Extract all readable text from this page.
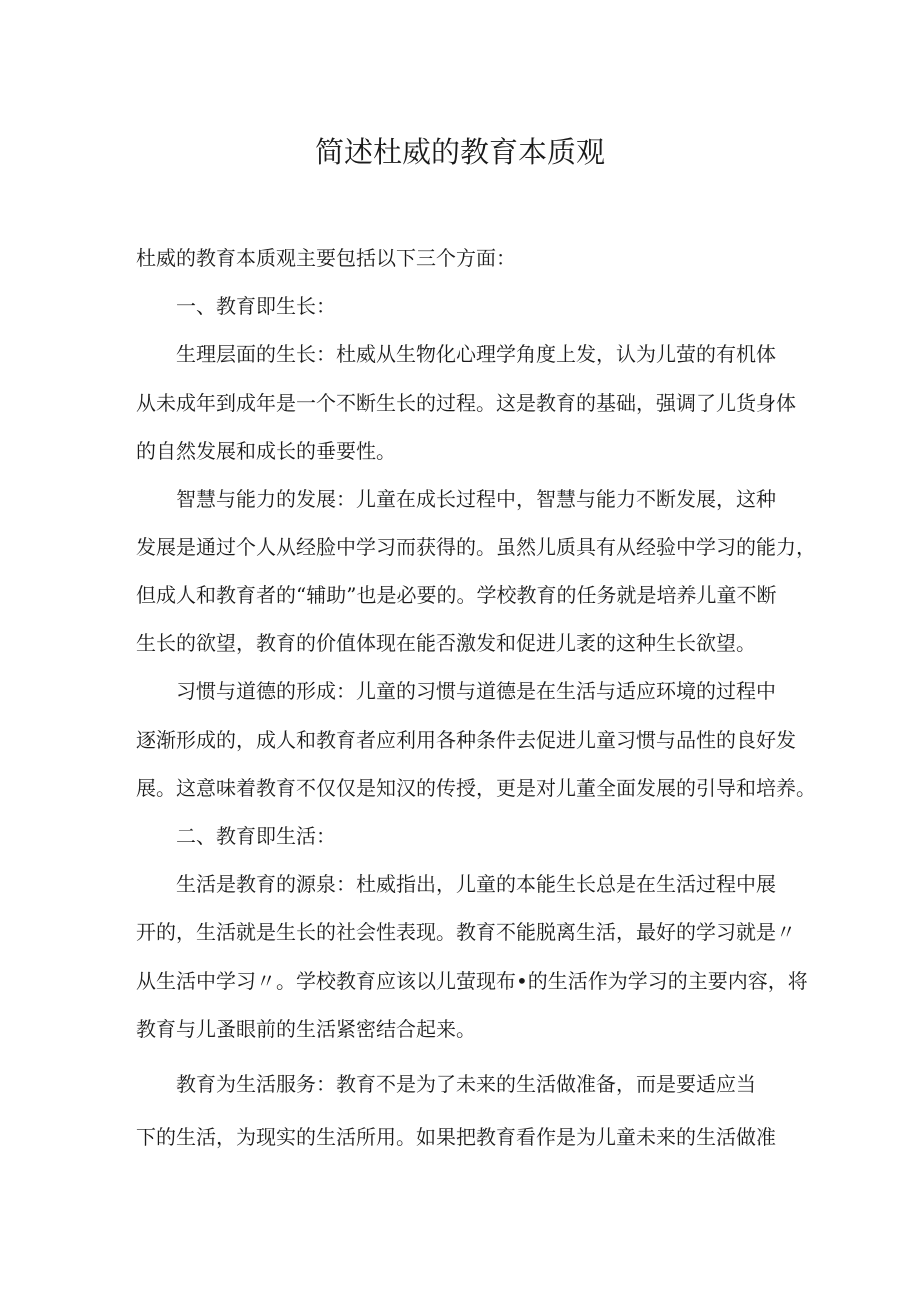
简述杜威的教育本质观
杜威的教育本质观主要包括以下三个方面：
一、教育即生长：
生理层面的生长：杜威从生物化心理学角度上发，认为儿萤的有机体
从未成年到成年是一个不断生长的过程。这是教育的基础，强调了儿货身体
的自然发展和成长的垂要性。
智慧与能力的发展：儿童在成长过程中，智慧与能力不断发展，这种
发展是通过个人从经脸中学习而获得的。虽然儿质具有从经验中学习的能力，
但成人和教育者的“辅助”也是必要的。学校教育的任务就是培养儿童不断
生长的欲望，教育的价值体现在能否激发和促进儿袤的这种生长欲望。
习惯与道德的形成：儿童的习惯与道德是在生活与适应环境的过程中
逐渐形成的，成人和教育者应利用各种条件去促进儿童习惯与品性的良好发
展。这意味着教育不仅仅是知汉的传授，更是对儿董全面发展的引导和培养。
二、教育即生活：
生活是教育的源泉：杜威指出，儿童的本能生长总是在生活过程中展
开的，生活就是生长的社会性表现。教育不能脱离生活，最好的学习就是〃
从生活中学习〃。学校教育应该以儿萤现布•的生活作为学习的主要内容，将
教育与儿蚤眼前的生活紧密结合起来。
教育为生活服务：教育不是为了未来的生活做准备，而是要适应当
下的生活，为现实的生活所用。如果把教育看作是为儿童未来的生活做准
